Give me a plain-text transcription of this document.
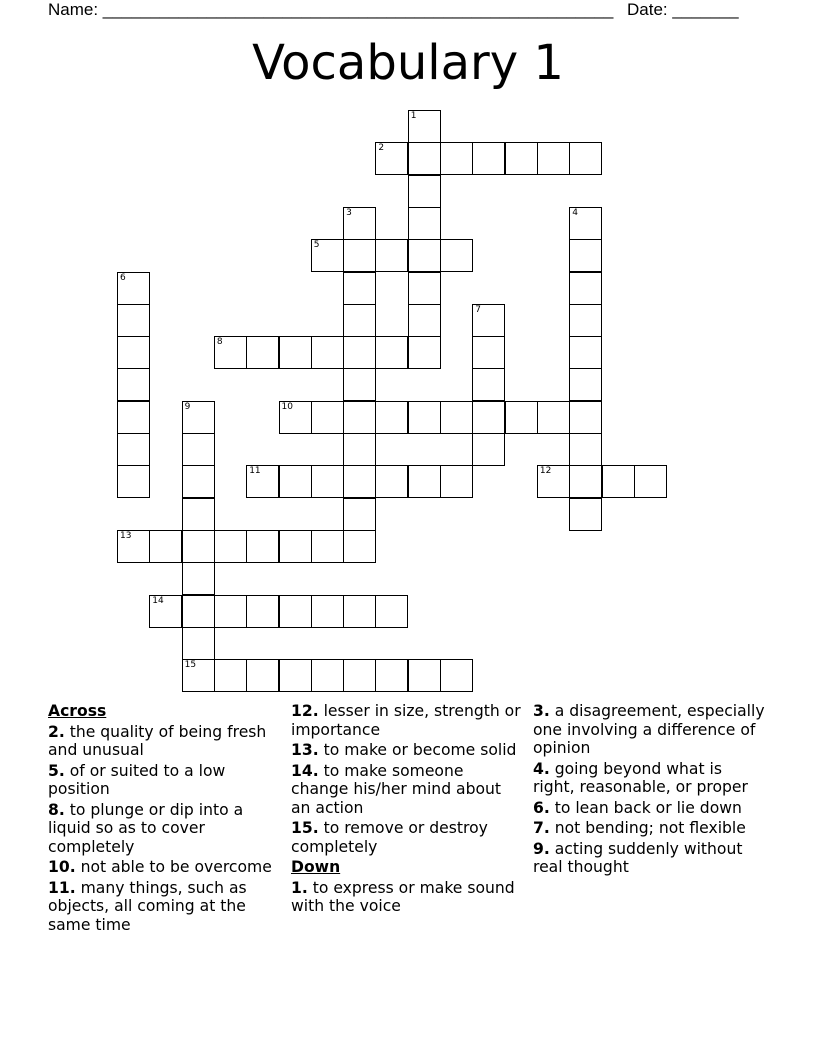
Name: ______________________________________________________ Date: _______
Vocabulary 1
1
2
3	4
5
6
7
8
9
15
10
11	12
13
14
Across
2. the quality of being fresh and unusual
5. of or suited to a low position
8. to plunge or dip into a liquid so as to cover completely
10. not able to be overcome
11. many things, such as objects, all coming at the same time
12. lesser in size, strength or importance
13. to make or become solid
14. to make someone change his/her mind about an action
15. to remove or destroy completely
Down
1. to express or make sound with the voice
3. a disagreement, especially one involving a difference of opinion
4. going beyond what is right, reasonable, or proper
6. to lean back or lie down
7. not bending; not flexible
9. acting suddenly without real thought
